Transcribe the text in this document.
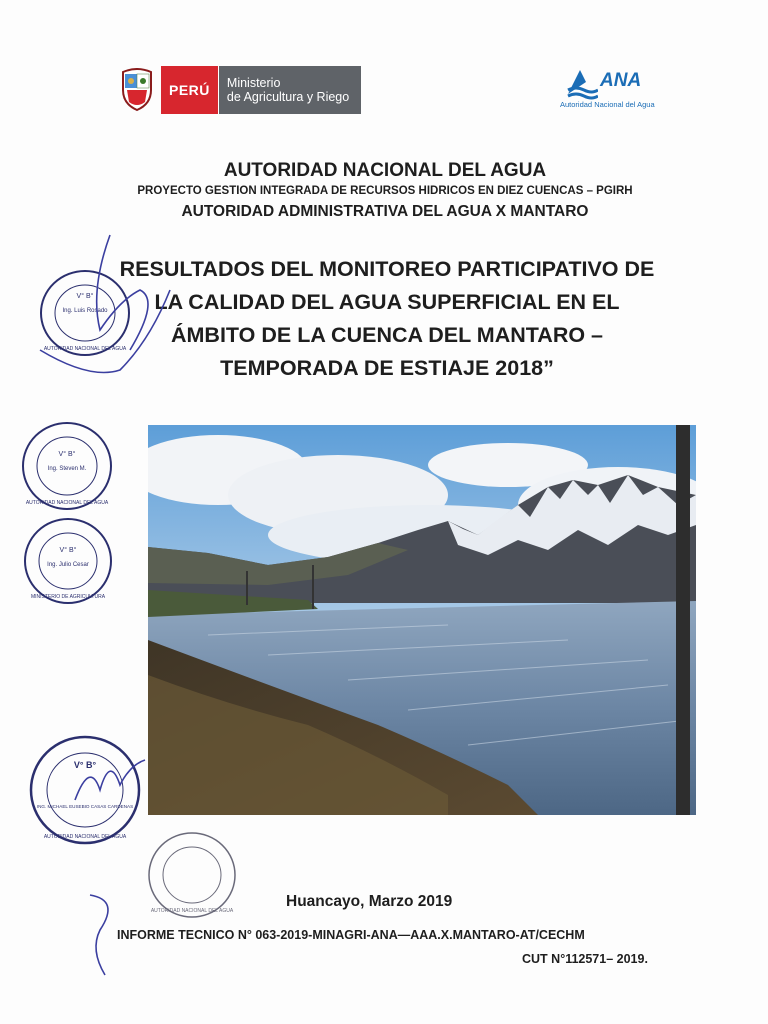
PERÚ	Ministerio
de Agricultura y Riego
ANA
Autoridad Nacional del Agua
AUTORIDAD NACIONAL DEL AGUA
PROYECTO GESTION INTEGRADA DE RECURSOS HIDRICOS EN DIEZ CUENCAS – PGIRH
AUTORIDAD ADMINISTRATIVA DEL AGUA X MANTARO
RESULTADOS DEL MONITOREO PARTICIPATIVO DE
LA CALIDAD DEL AGUA SUPERFICIAL EN EL
ÁMBITO DE LA CUENCA DEL MANTARO –
TEMPORADA DE ESTIAJE 2018”
V° B°
Ing. Luis Rosado
AUTORIDAD NACIONAL DEL AGUA
V° B°
Ing. Steven M.
AUTORIDAD NACIONAL DEL AGUA
V° B°
Ing. Julio Cesar
MINISTERIO DE AGRICULTURA
V° B°
ING. MICHAEL EUSEBIO CASAS CARDENAS
AUTORIDAD NACIONAL DEL AGUA
AUTORIDAD NACIONAL DEL AGUA
Huancayo, Marzo 2019
INFORME TECNICO N° 063-2019-MINAGRI-ANA—AAA.X.MANTARO-AT/CECHM
CUT N°112571– 2019.
